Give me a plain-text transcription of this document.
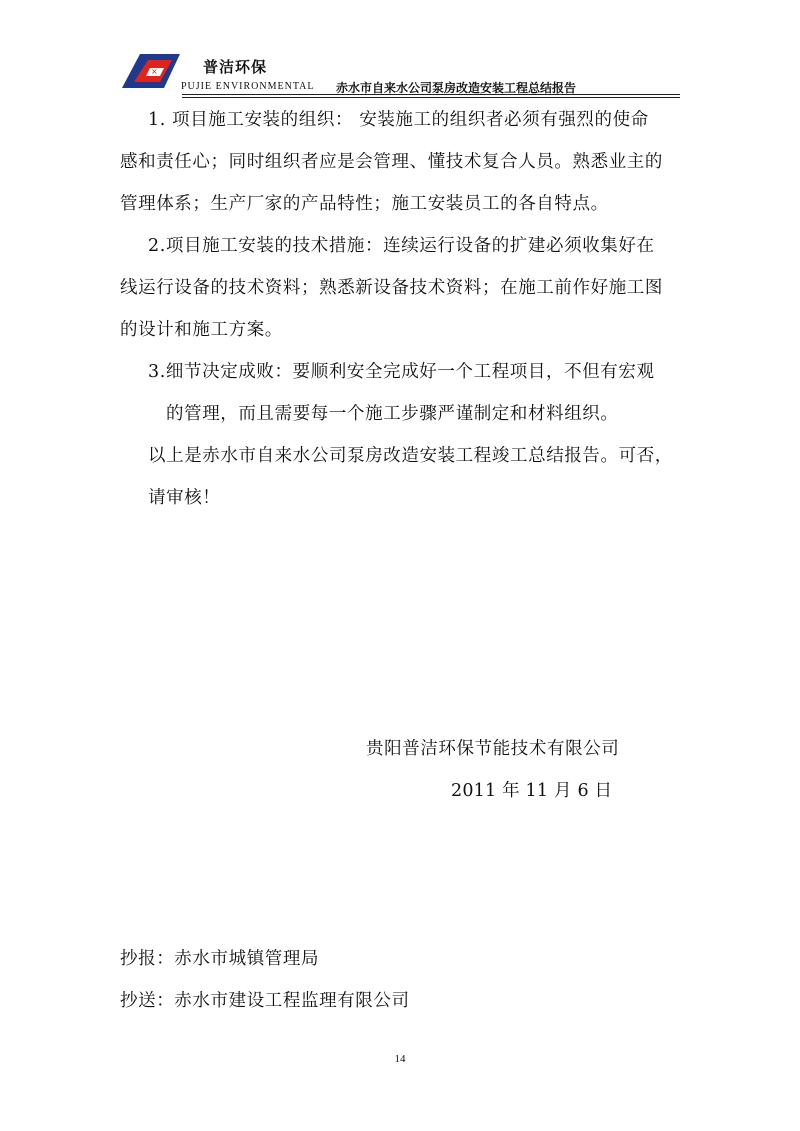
×	普洁环保
PUJIE ENVIRONMENTAL 赤水市自来水公司泵房改造安装工程总结报告
1. 项目施工安装的组织： 安装施工的组织者必须有强烈的使命
感和责任心；同时组织者应是会管理、懂技术复合人员。熟悉业主的
管理体系；生产厂家的产品特性；施工安装员工的各自特点。
2.项目施工安装的技术措施：连续运行设备的扩建必须收集好在
线运行设备的技术资料；熟悉新设备技术资料；在施工前作好施工图
的设计和施工方案。
3.细节决定成败：要顺利安全完成好一个工程项目，不但有宏观
的管理，而且需要每一个施工步骤严谨制定和材料组织。
以上是赤水市自来水公司泵房改造安装工程竣工总结报告。可否，
请审核！
贵阳普洁环保节能技术有限公司
2011 年 11 月 6 日
抄报：赤水市城镇管理局
抄送：赤水市建设工程监理有限公司
14
